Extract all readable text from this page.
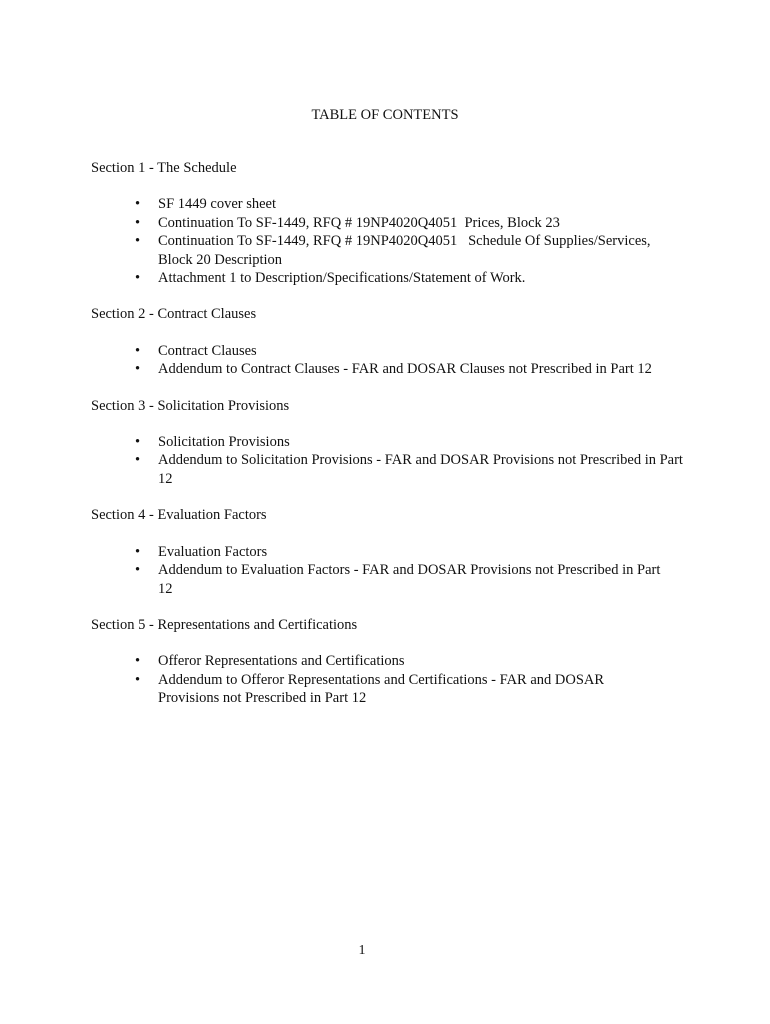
TABLE OF CONTENTS
Section 1 - The Schedule
• SF 1449 cover sheet
• Continuation To SF-1449, RFQ # 19NP4020Q4051  Prices, Block 23
• Continuation To SF-1449, RFQ # 19NP4020Q4051   Schedule Of Supplies/Services, Block 20 Description
• Attachment 1 to Description/Specifications/Statement of Work.
Section 2 - Contract Clauses
• Contract Clauses
• Addendum to Contract Clauses - FAR and DOSAR Clauses not Prescribed in Part 12
Section 3 - Solicitation Provisions
• Solicitation Provisions
• Addendum to Solicitation Provisions - FAR and DOSAR Provisions not Prescribed in Part 12
Section 4 - Evaluation Factors
• Evaluation Factors
• Addendum to Evaluation Factors - FAR and DOSAR Provisions not Prescribed in Part 12
Section 5 - Representations and Certifications
• Offeror Representations and Certifications
• Addendum to Offeror Representations and Certifications - FAR and DOSAR Provisions not Prescribed in Part 12
1
